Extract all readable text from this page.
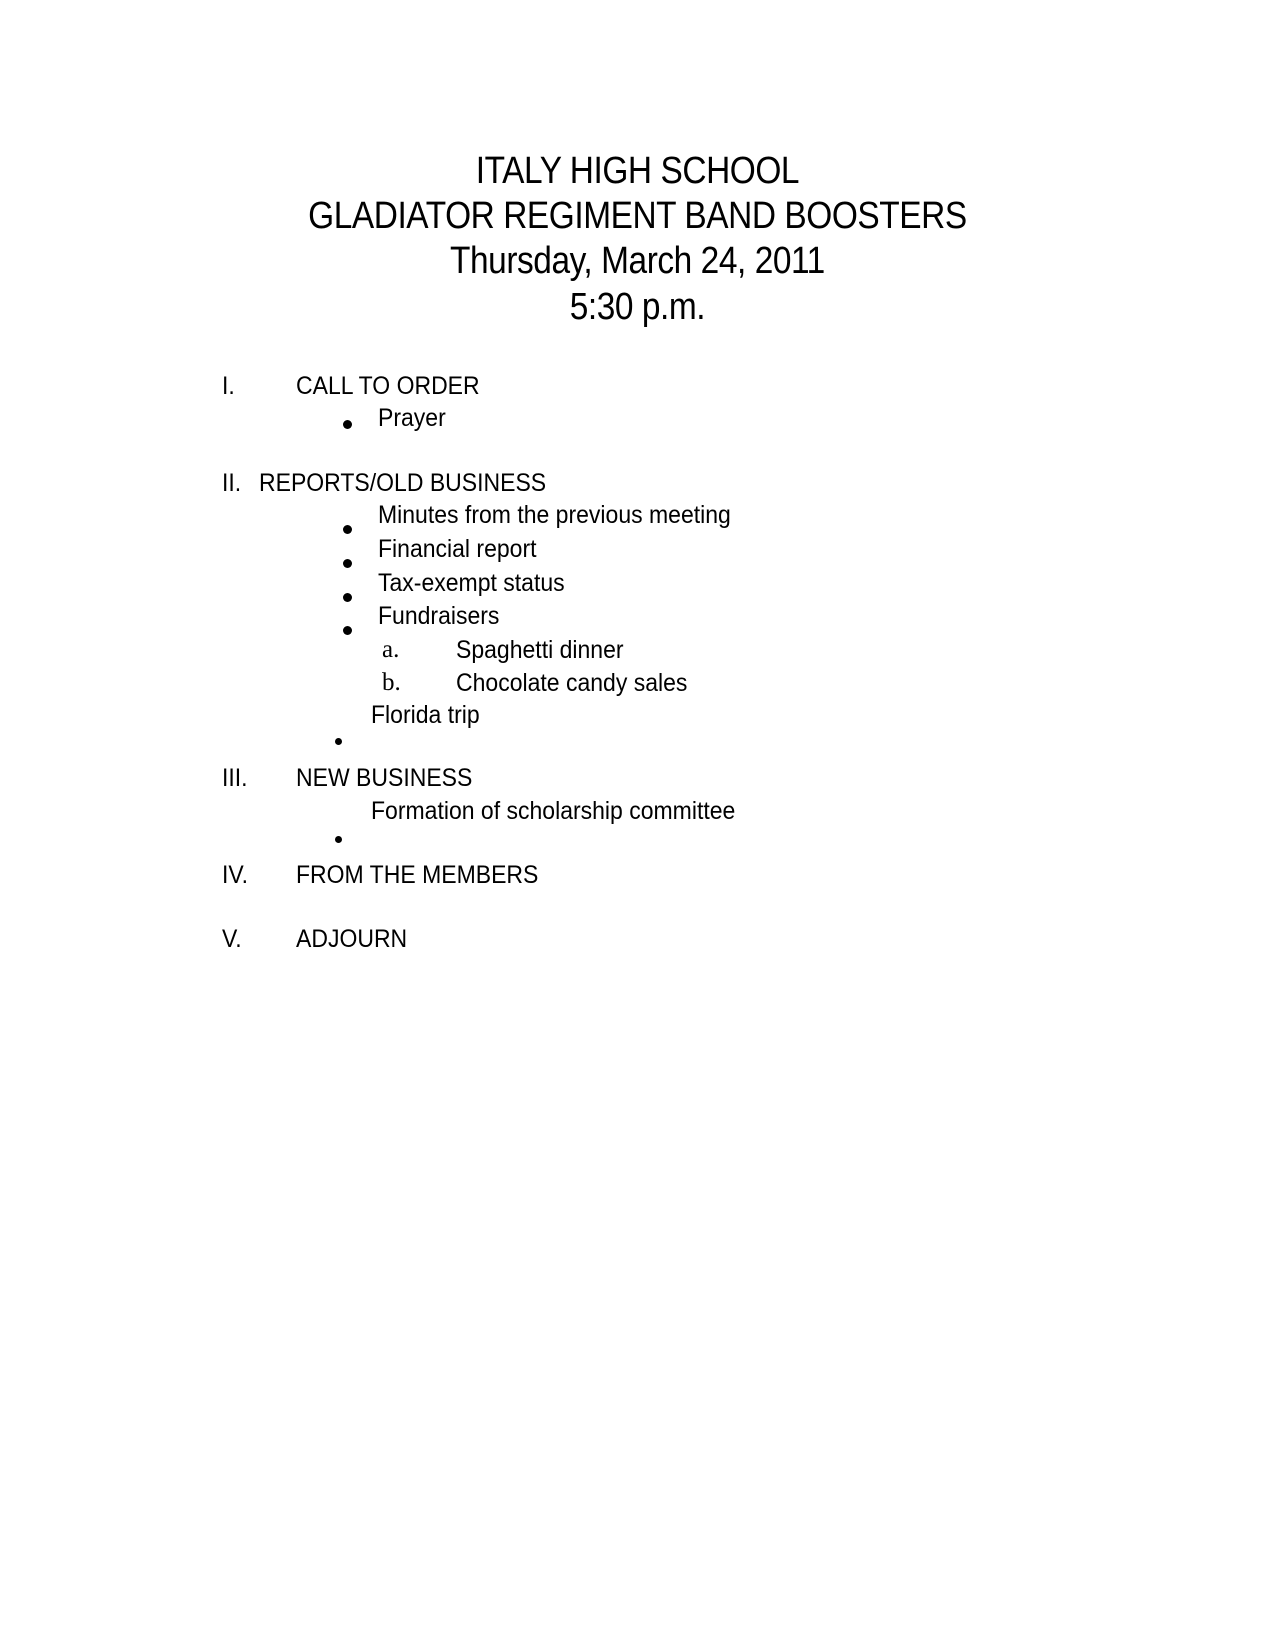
ITALY HIGH SCHOOL
GLADIATOR REGIMENT BAND BOOSTERS
Thursday, March 24, 2011
5:30 p.m.
I. CALL TO ORDER
Prayer
II. REPORTS/OLD BUSINESS
Minutes from the previous meeting
Financial report
Tax-exempt status
Fundraisers
a. Spaghetti dinner
b. Chocolate candy sales
Florida trip
III. NEW BUSINESS
Formation of scholarship committee
IV. FROM THE MEMBERS
V. ADJOURN
